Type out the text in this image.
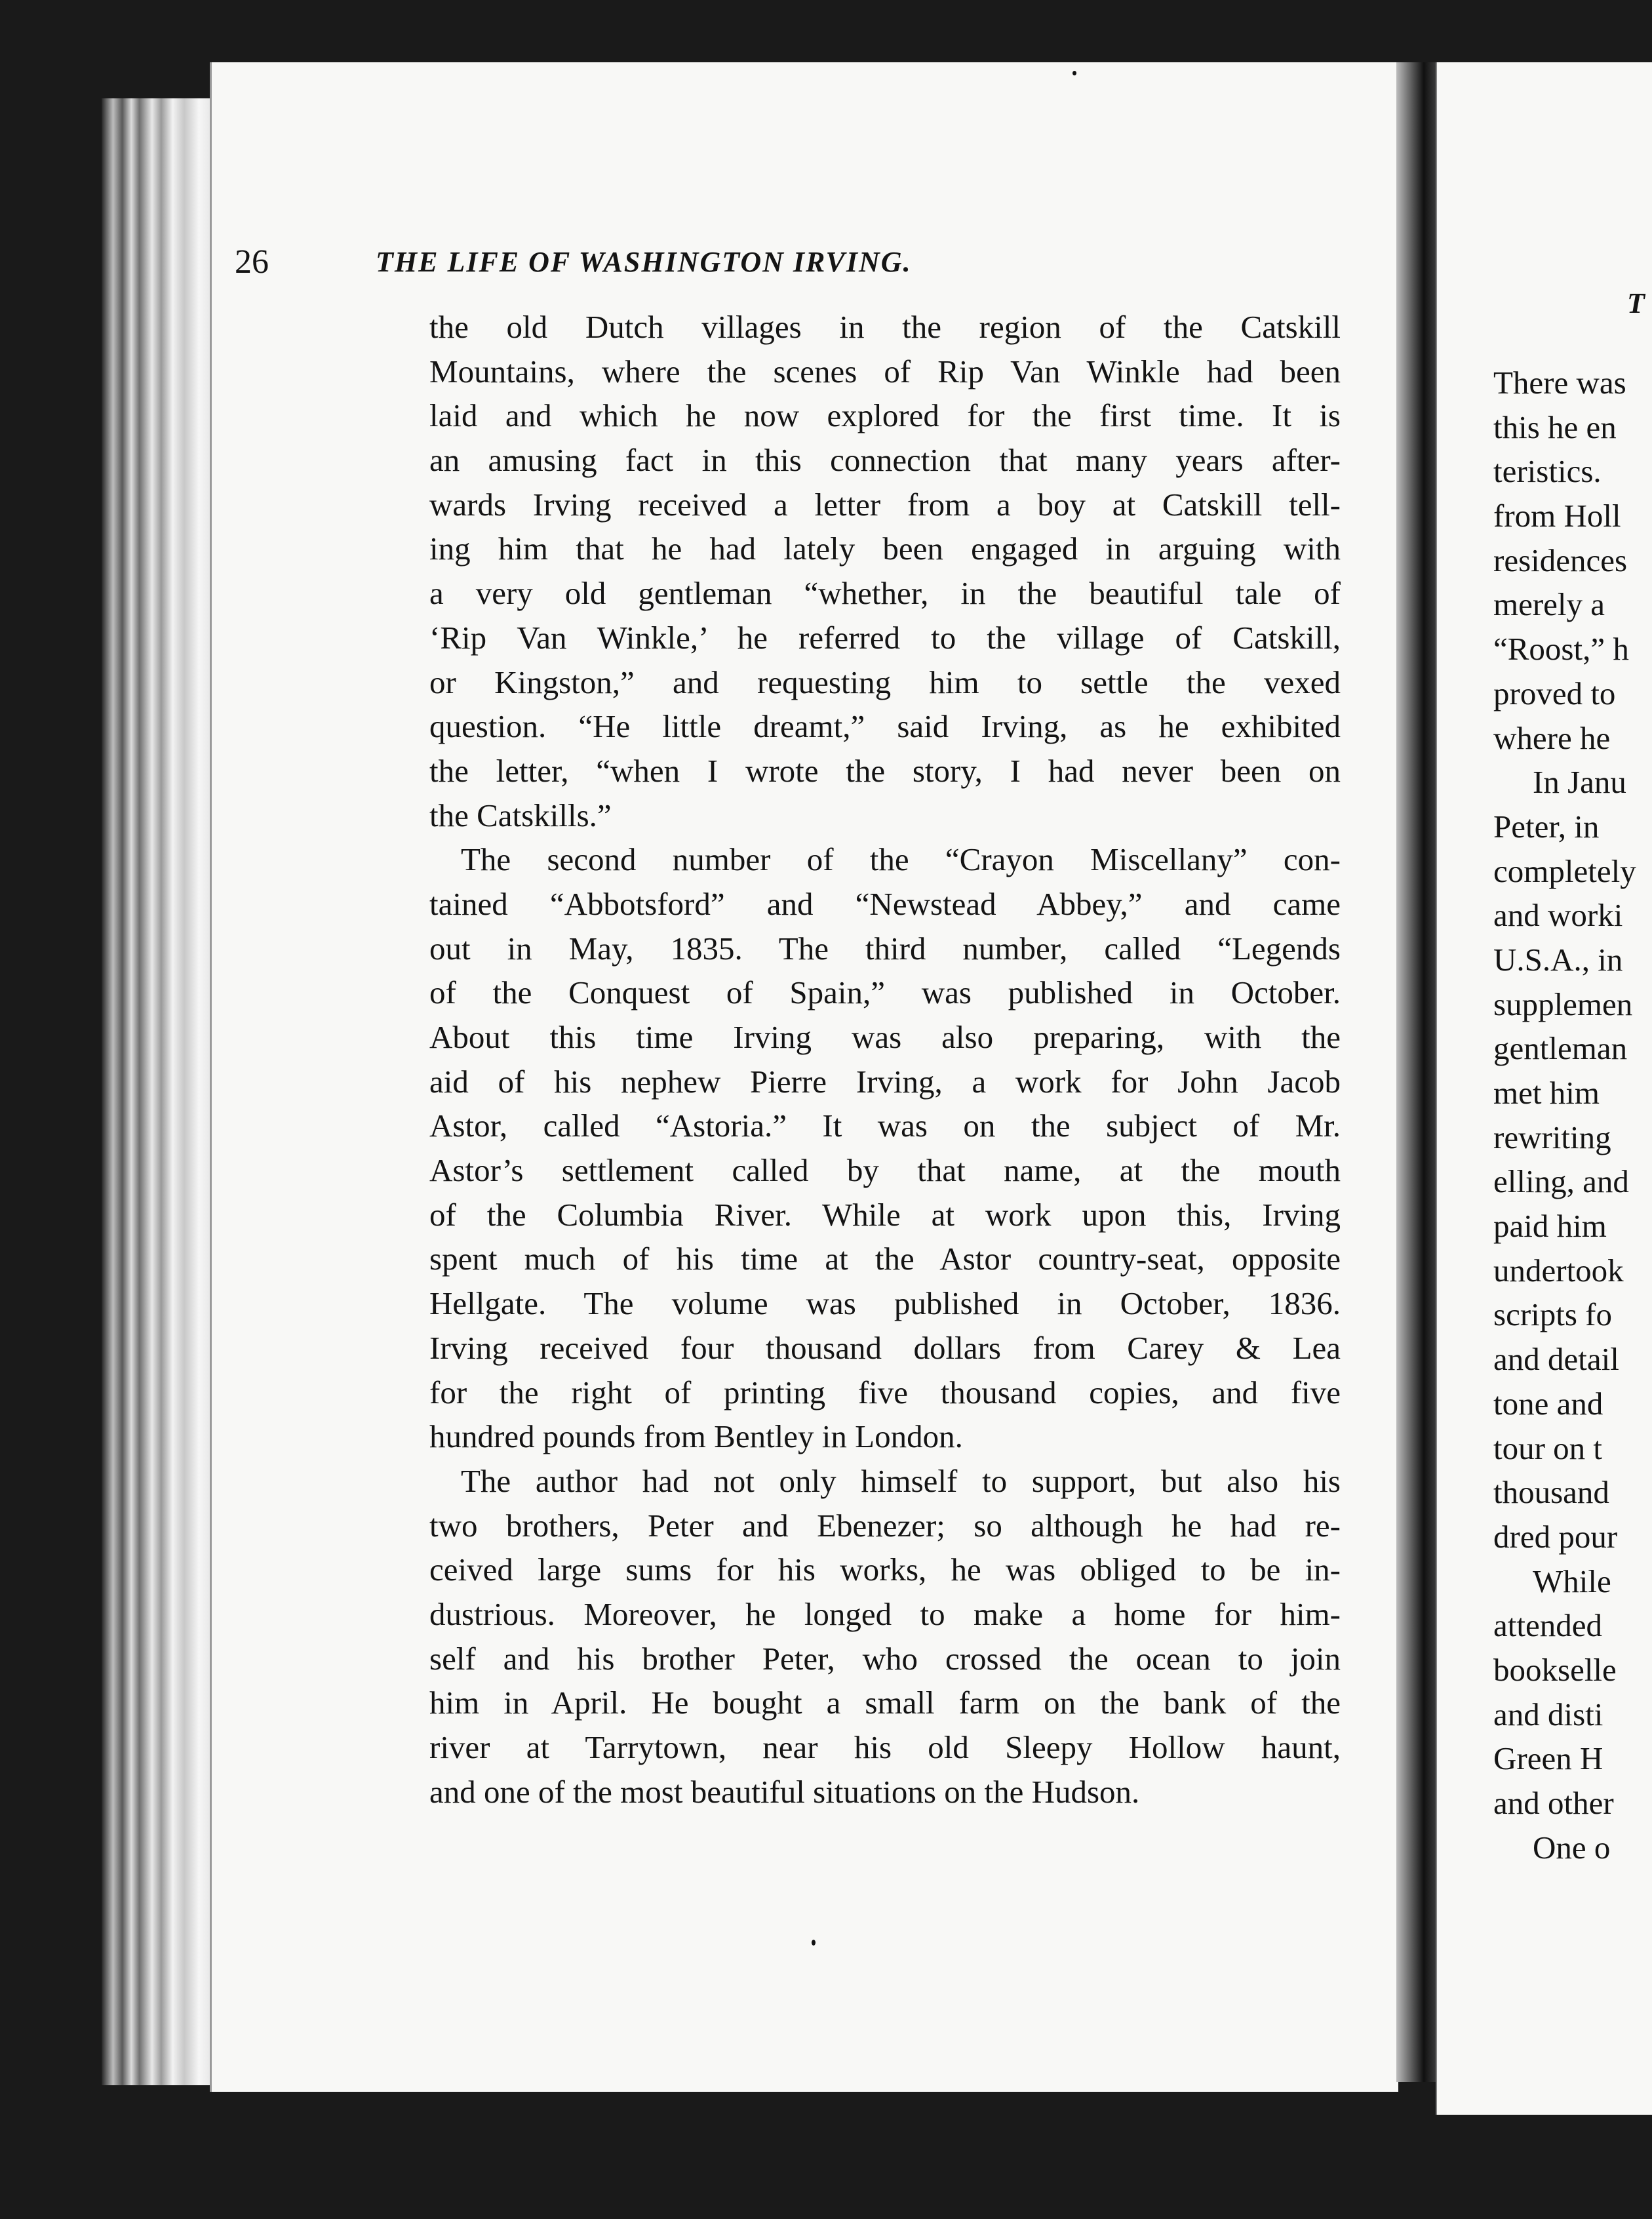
T
There was
this he en
teristics.
from Holl
residences
merely a
“Roost,” h
proved to
where he
In Janu
Peter, in
completely
and worki
U.S.A., in
supplemen
gentleman
met him
rewriting
elling, and
paid him
undertook
scripts fo
and detail
tone and
tour on t
thousand
dred pour
While
attended
bookselle
and disti
Green H
and other
One o
26	THE LIFE OF WASHINGTON IRVING.
the old Dutch villages in the region of the Catskill
Mountains, where the scenes of Rip Van Winkle had been
laid and which he now explored for the first time. It is
an amusing fact in this connection that many years after-
wards Irving received a letter from a boy at Catskill tell-
ing him that he had lately been engaged in arguing with
a very old gentleman “whether, in the beautiful tale of
‘Rip Van Winkle,’ he referred to the village of Catskill,
or Kingston,” and requesting him to settle the vexed
question. “He little dreamt,” said Irving, as he exhibited
the letter, “when I wrote the story, I had never been on
the Catskills.”
The second number of the “Crayon Miscellany” con-
tained “Abbotsford” and “Newstead Abbey,” and came
out in May, 1835. The third number, called “Legends
of the Conquest of Spain,” was published in October.
About this time Irving was also preparing, with the
aid of his nephew Pierre Irving, a work for John Jacob
Astor, called “Astoria.” It was on the subject of Mr.
Astor’s settlement called by that name, at the mouth
of the Columbia River. While at work upon this, Irving
spent much of his time at the Astor country-seat, opposite
Hellgate. The volume was published in October, 1836.
Irving received four thousand dollars from Carey & Lea
for the right of printing five thousand copies, and five
hundred pounds from Bentley in London.
The author had not only himself to support, but also his
two brothers, Peter and Ebenezer; so although he had re-
ceived large sums for his works, he was obliged to be in-
dustrious. Moreover, he longed to make a home for him-
self and his brother Peter, who crossed the ocean to join
him in April. He bought a small farm on the bank of the
river at Tarrytown, near his old Sleepy Hollow haunt,
and one of the most beautiful situations on the Hudson.
